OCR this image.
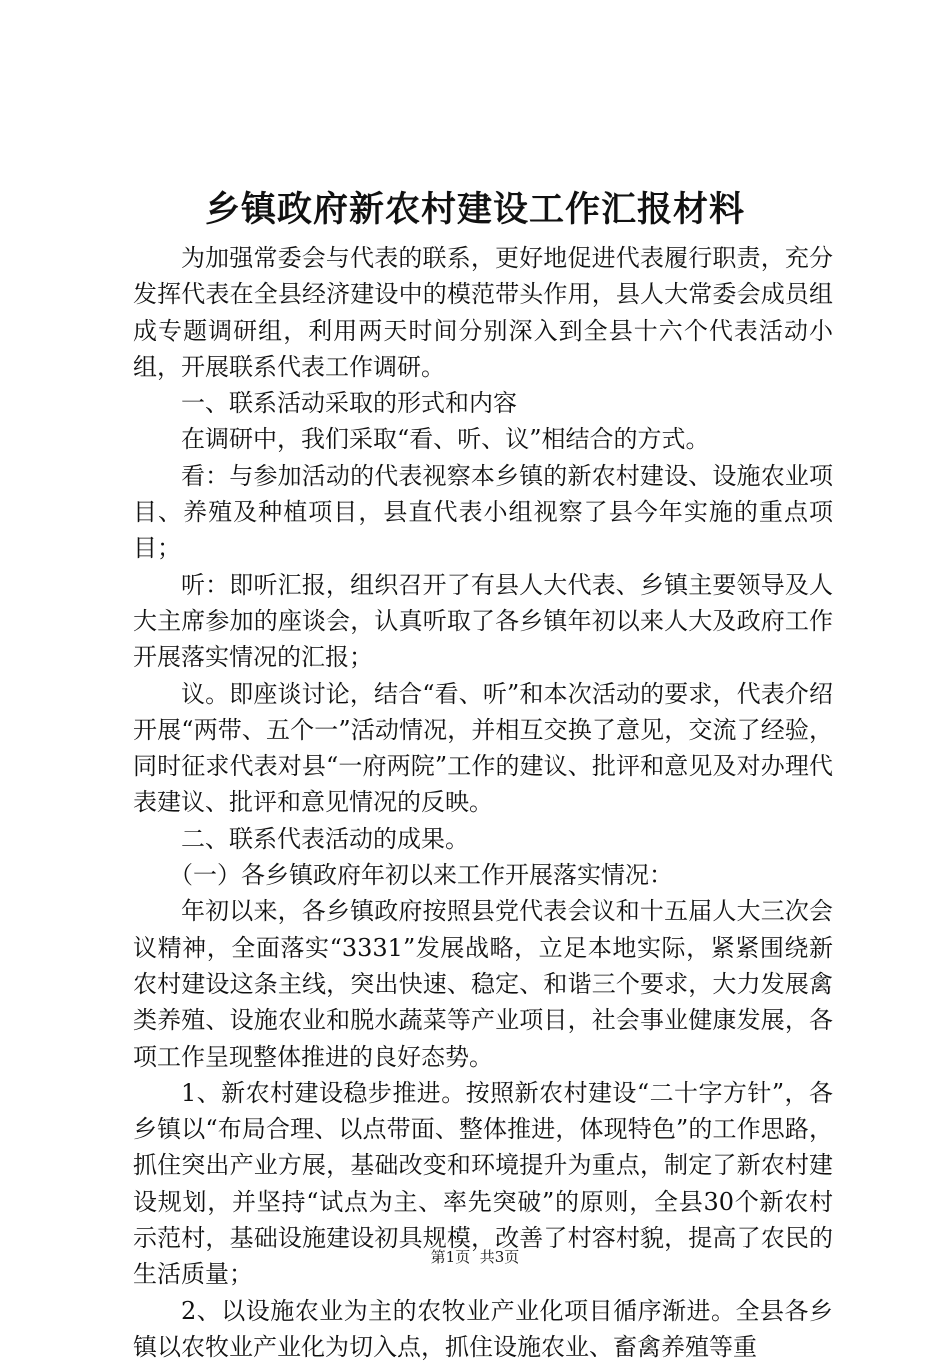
乡镇政府新农村建设工作汇报材料

为加强常委会与代表的联系，更好地促进代表履行职责，充分发挥代表在全县经济建设中的模范带头作用，县人大常委会成员组成专题调研组，利用两天时间分别深入到全县十六个代表活动小组，开展联系代表工作调研。

一、联系活动采取的形式和内容

在调研中，我们采取“看、听、议”相结合的方式。

看：与参加活动的代表视察本乡镇的新农村建设、设施农业项目、养殖及种植项目，县直代表小组视察了县今年实施的重点项目；

听：即听汇报，组织召开了有县人大代表、乡镇主要领导及人大主席参加的座谈会，认真听取了各乡镇年初以来人大及政府工作开展落实情况的汇报；

议。即座谈讨论，结合“看、听”和本次活动的要求，代表介绍开展“两带、五个一”活动情况，并相互交换了意见，交流了经验，同时征求代表对县“一府两院”工作的建议、批评和意见及对办理代表建议、批评和意见情况的反映。

二、联系代表活动的成果。

（一）各乡镇政府年初以来工作开展落实情况：

年初以来，各乡镇政府按照县党代表会议和十五届人大三次会议精神，全面落实“3331”发展战略，立足本地实际，紧紧围绕新农村建设这条主线，突出快速、稳定、和谐三个要求，大力发展禽类养殖、设施农业和脱水蔬菜等产业项目，社会事业健康发展，各项工作呈现整体推进的良好态势。

1、新农村建设稳步推进。按照新农村建设“二十字方针”，各乡镇以“布局合理、以点带面、整体推进，体现特色”的工作思路，抓住突出产业方展，基础改变和环境提升为重点，制定了新农村建设规划，并坚持“试点为主、率先突破”的原则，全县30个新农村示范村，基础设施建设初具规模，改善了村容村貌，提高了农民的生活质量；

2、以设施农业为主的农牧业产业化项目循序渐进。全县各乡镇以农牧业产业化为切入点，抓住设施农业、畜禽养殖等重

第1页 共3页
